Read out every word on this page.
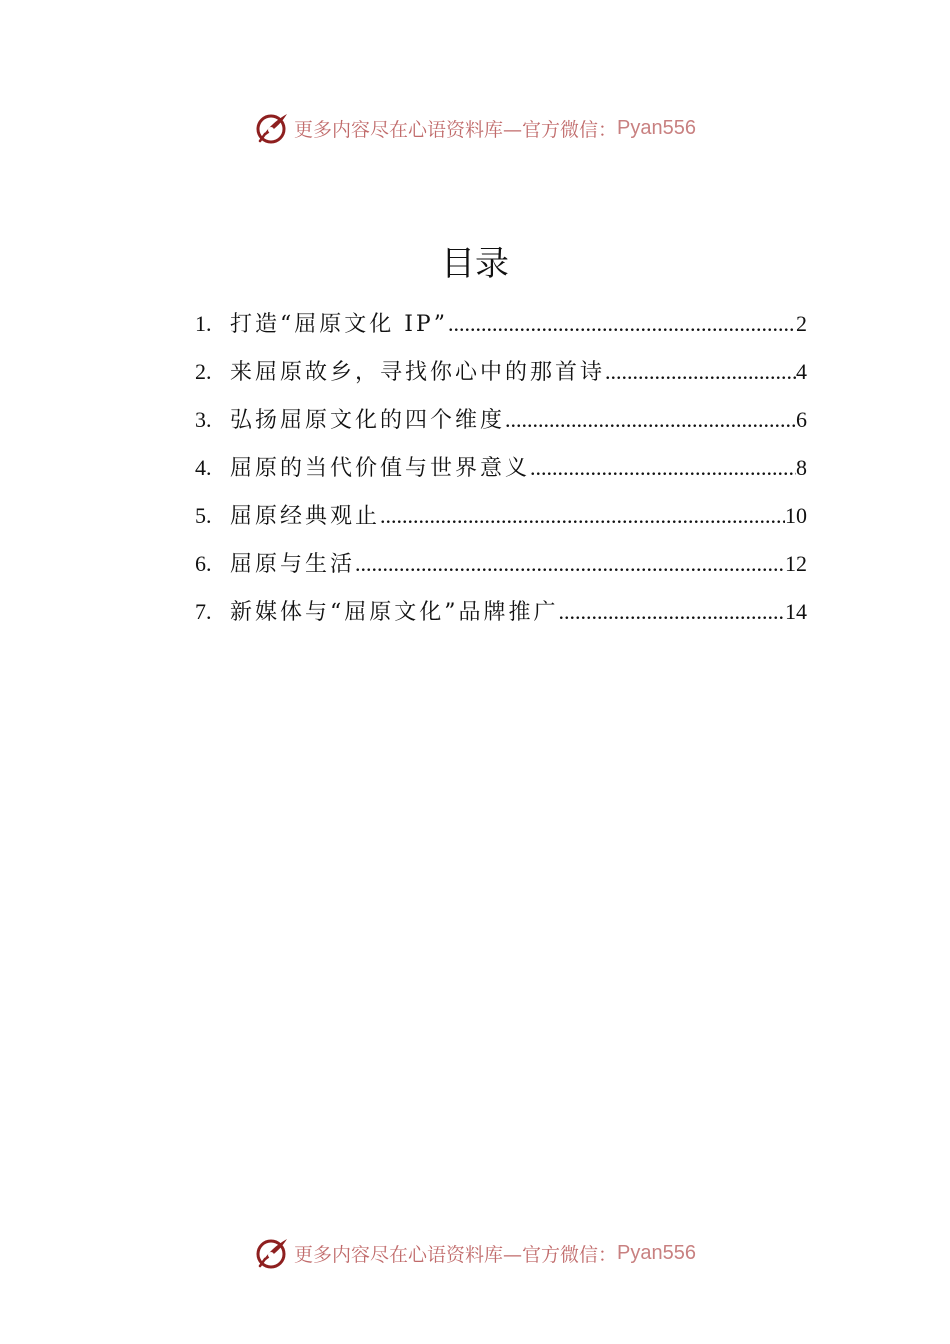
更多内容尽在心语资料库—官方微信： Pyan556
目录
1. 打造“屈原文化 IP” .....	2
2. 来屈原故乡，寻找你心中的那首诗 .....	4
3. 弘扬屈原文化的四个维度 .....	6
4. 屈原的当代价值与世界意义 .....	8
5. 屈原经典观止 .....	10
6. 屈原与生活 .....	12
7. 新媒体与“屈原文化”品牌推广 .....	14
更多内容尽在心语资料库—官方微信： Pyan556
